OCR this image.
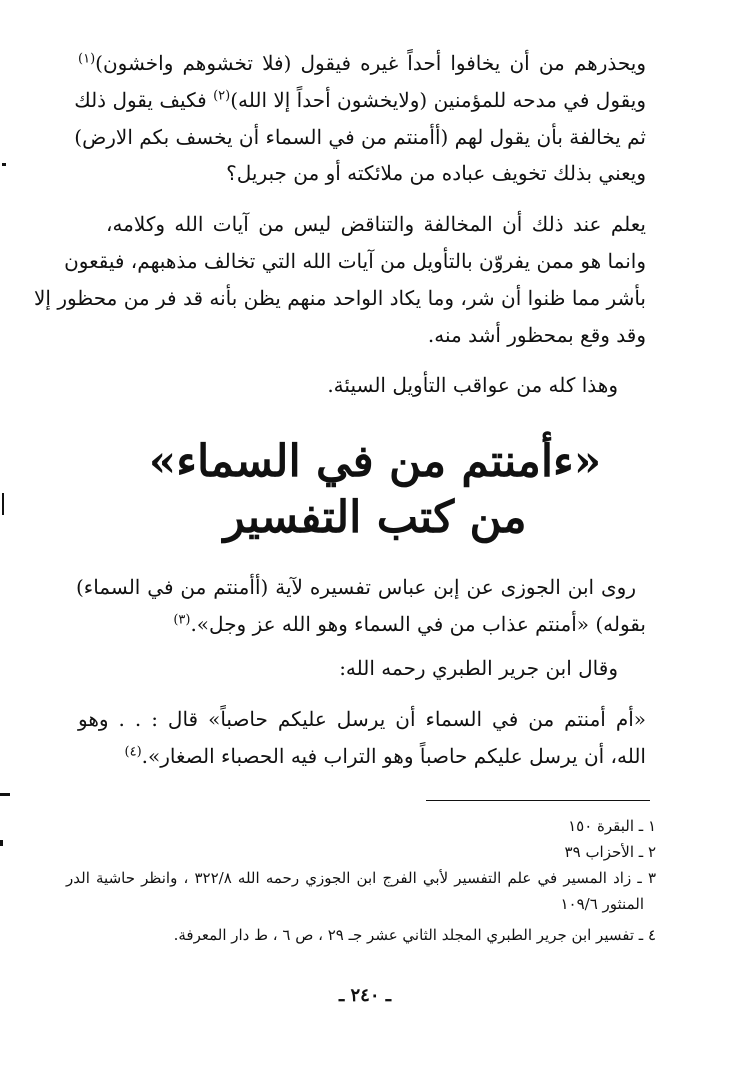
ويحذرهم من أن يخافوا أحداً غيره فيقول (فلا تخشوهم واخشون)$^{(١)}$
ويقول في مدحه للمؤمنين (ولايخشون أحداً إلا الله)$^{(٢)}$ فكيف يقول ذلك
ثم يخالفة بأن يقول لهم (أأمنتم من في السماء أن يخسف بكم الارض)
ويعني بذلك تخويف عباده من ملائكته أو من جبريل؟
يعلم عند ذلك أن المخالفة والتناقض ليس من آيات الله وكلامه،
وانما هو ممن يفروّن بالتأويل من آيات الله التي تخالف مذهبهم، فيقعون
بأشر مما ظنوا أن شر، وما يكاد الواحد منهم يظن بأنه قد فر من محظور إلا
وقد وقع بمحظور أشد منه.
وهذا كله من عواقب التأويل السيئة.
«ءأمنتم من في السماء»
من كتب التفسير
روى ابن الجوزى عن إبن عباس تفسيره لآية (أأمنتم من في السماء)
بقوله) «أمنتم عذاب من في السماء وهو الله عز وجل».$^{(٣)}$
وقال ابن جرير الطبري رحمه الله:
«أم أمنتم من في السماء أن يرسل عليكم حاصباً» قال : . . وهو
الله، أن يرسل عليكم حاصباً وهو التراب فيه الحصباء الصغار».$^{(٤)}$
١ ـ البقرة ١٥٠
٢ ـ الأحزاب ٣٩
٣ ـ زاد المسير في علم التفسير لأبي الفرج ابن الجوزي رحمه الله ٣٢٢/٨ ، وانظر حاشية الدر
المنثور ١٠٩/٦
٤ ـ تفسير ابن جرير الطبري المجلد الثاني عشر جـ ٢٩ ، ص ٦ ، ط دار المعرفة.
ـ ٢٤٠ ـ
